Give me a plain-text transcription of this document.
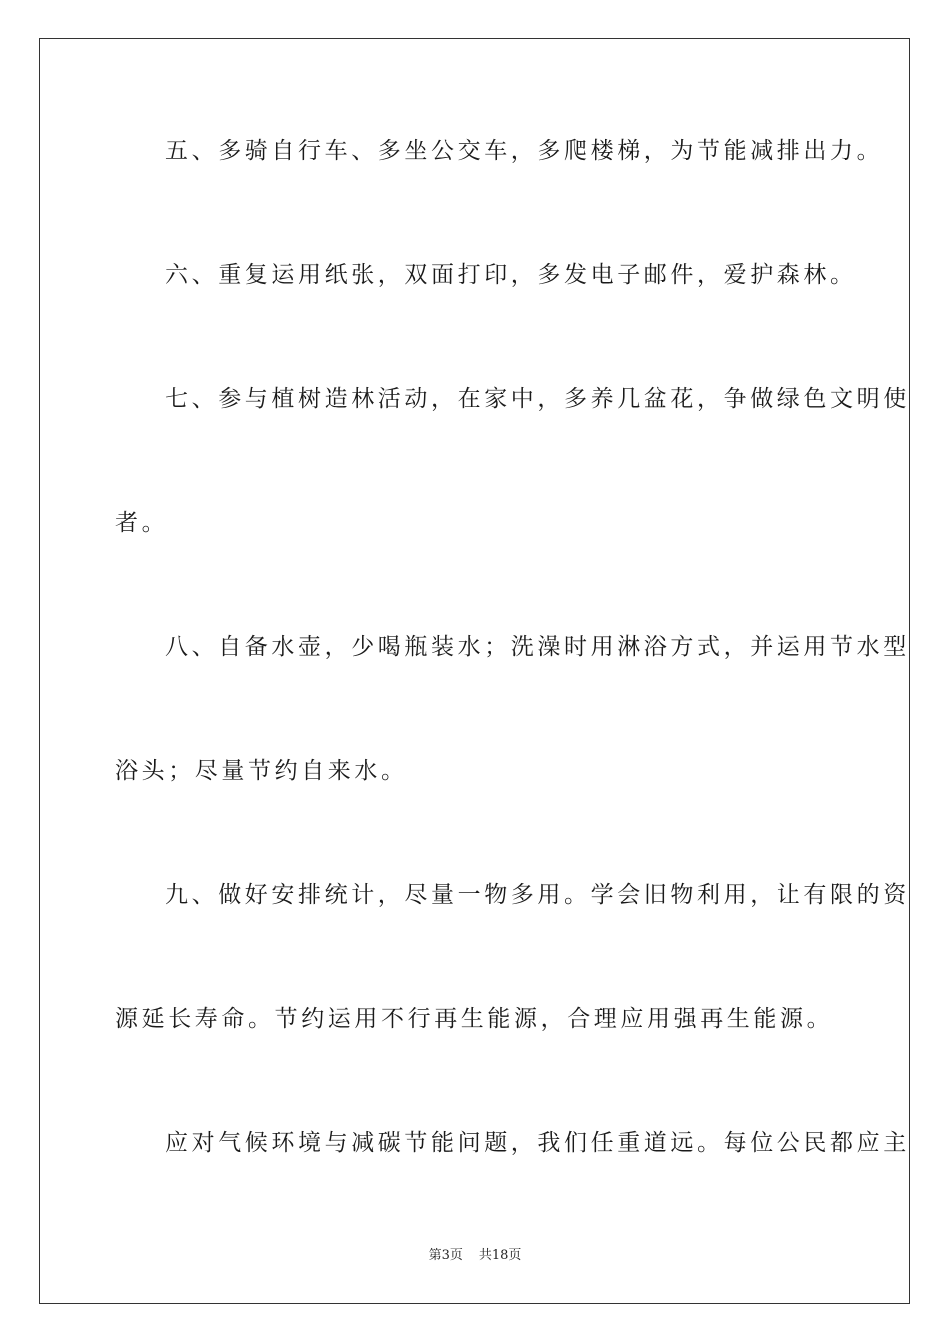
五、多骑自行车、多坐公交车，多爬楼梯，为节能减排出力。
六、重复运用纸张，双面打印，多发电子邮件，爱护森林。
七、参与植树造林活动，在家中，多养几盆花，争做绿色文明使
者。
八、自备水壶，少喝瓶装水；洗澡时用淋浴方式，并运用节水型
浴头；尽量节约自来水。
九、做好安排统计，尽量一物多用。学会旧物利用，让有限的资
源延长寿命。节约运用不行再生能源，合理应用强再生能源。
应对气候环境与减碳节能问题，我们任重道远。每位公民都应主
第3页 共18页
